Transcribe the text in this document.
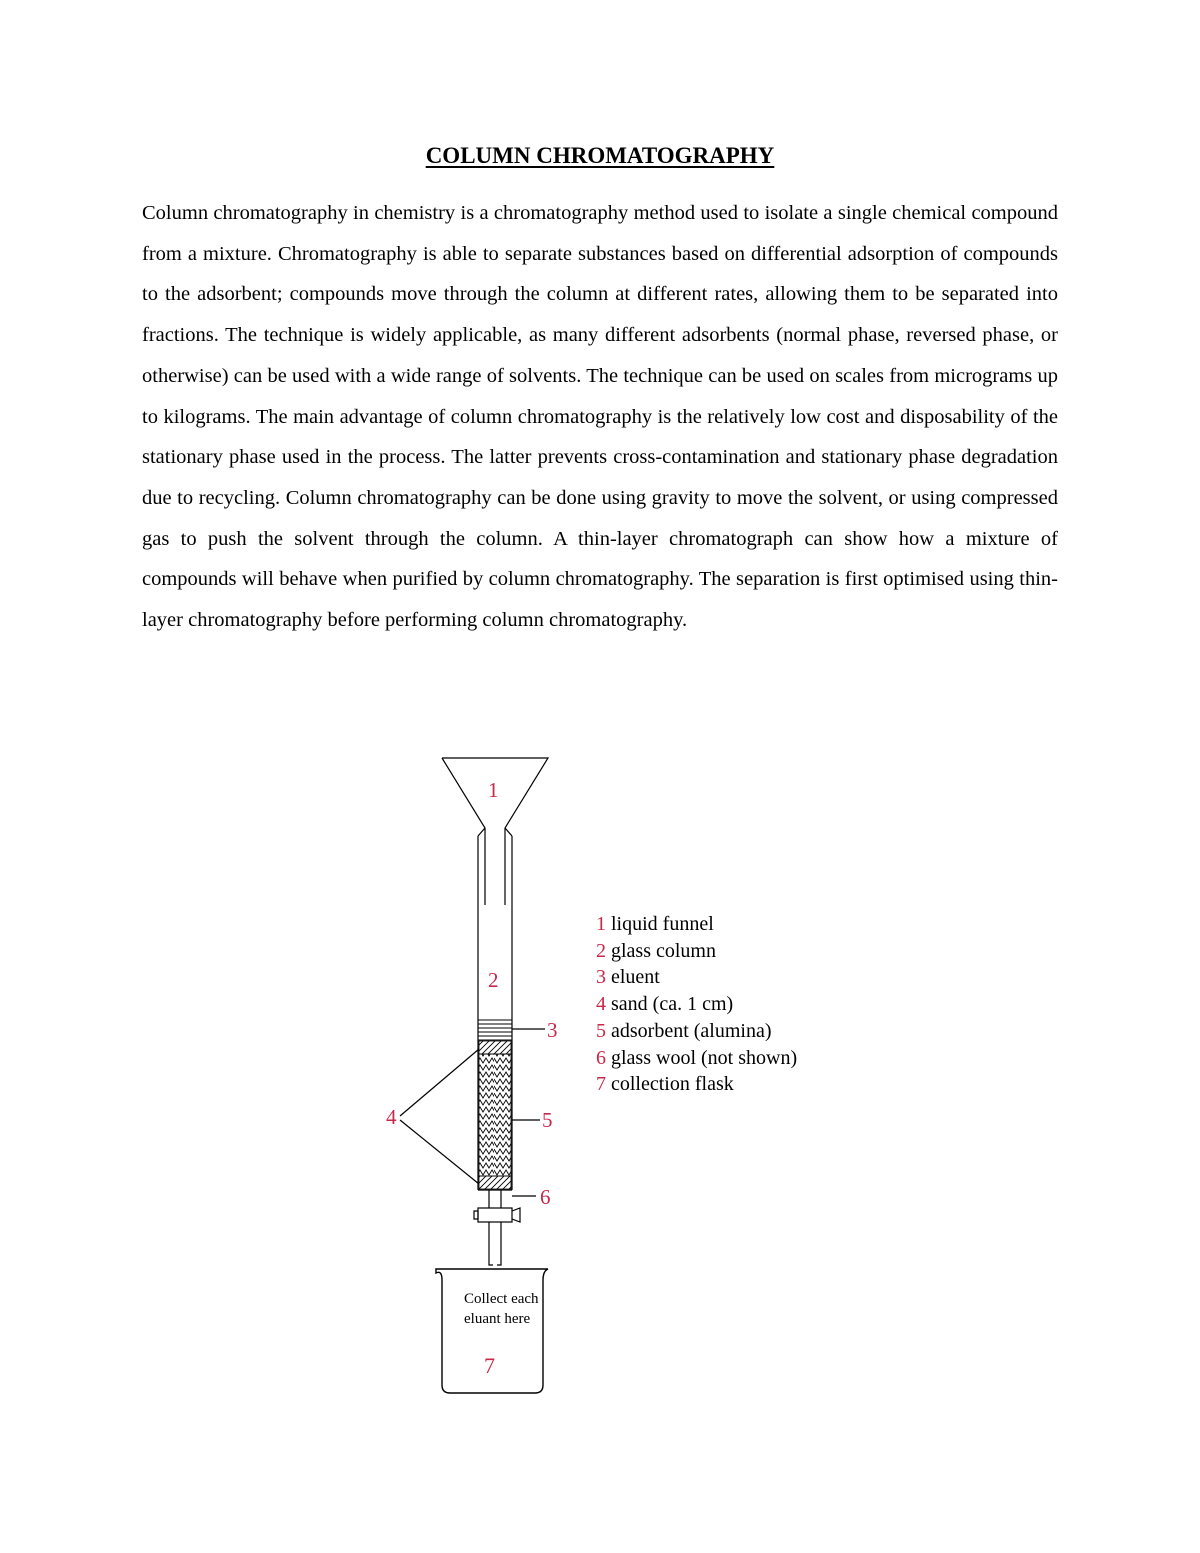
COLUMN CHROMATOGRAPHY

Column chromatography in chemistry is a chromatography method used to isolate a single chemical compound from a mixture. Chromatography is able to separate substances based on differential adsorption of compounds to the adsorbent; compounds move through the column at different rates, allowing them to be separated into fractions. The technique is widely applicable, as many different adsorbents (normal phase, reversed phase, or otherwise) can be used with a wide range of solvents. The technique can be used on scales from micrograms up to kilograms. The main advantage of column chromatography is the relatively low cost and disposability of the stationary phase used in the process. The latter prevents cross-contamination and stationary phase degradation due to recycling. Column chromatography can be done using gravity to move the solvent, or using compressed gas to push the solvent through the column. A thin-layer chromatograph can show how a mixture of compounds will behave when purified by column chromatography. The separation is first optimised using thin-layer chromatography before performing column chromatography.

1
2
3
4	5
6
Collect each eluant here
7
1 liquid funnel
2 glass column
3 eluent
4 sand (ca. 1 cm)
5 adsorbent (alumina)
6 glass wool (not shown)
7 collection flask
